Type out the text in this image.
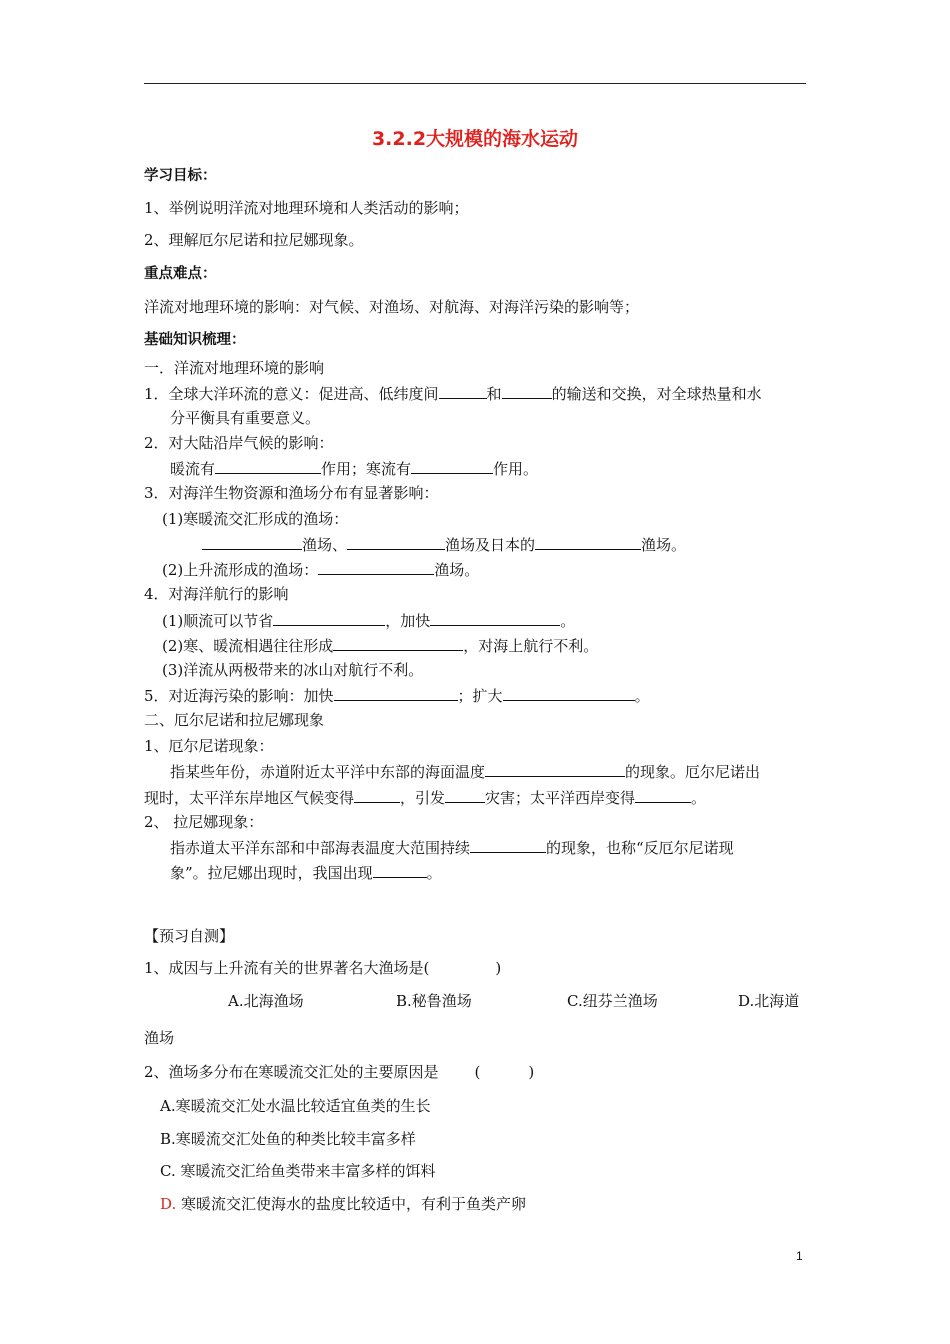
3.2.2大规模的海水运动
学习目标：
1、举例说明洋流对地理环境和人类活动的影响；
2、理解厄尔尼诺和拉尼娜现象。
重点难点：
洋流对地理环境的影响：对气候、对渔场、对航海、对海洋污染的影响等；
基础知识梳理：
一．洋流对地理环境的影响
1．全球大洋环流的意义：促进高、低纬度间	和	的输送和交换，对全球热量和水
分平衡具有重要意义。
2．对大陆沿岸气候的影响：
暖流有	作用；寒流有	作用。
3．对海洋生物资源和渔场分布有显著影响：
(1)寒暖流交汇形成的渔场：
渔场、	渔场及日本的	渔场。
(2)上升流形成的渔场：	渔场。
4．对海洋航行的影响
(1)顺流可以节省	，加快	。
(2)寒、暖流相遇往往形成	，对海上航行不利。
(3)洋流从两极带来的冰山对航行不利。
5．对近海污染的影响：加快	；扩大	。
二、厄尔尼诺和拉尼娜现象
1、厄尔尼诺现象：
指某些年份，赤道附近太平洋中东部的海面温度	的现象。厄尔尼诺出
现时，太平洋东岸地区气候变得	，引发	灾害；太平洋西岸变得	。
2、 拉尼娜现象：
指赤道太平洋东部和中部海表温度大范围持续	的现象，也称“反厄尔尼诺现
象”。拉尼娜出现时，我国出现	。
【预习自测】
1、成因与上升流有关的世界著名大渔场是(	)
A.北海渔场	B.秘鲁渔场	C.纽芬兰渔场	D.北海道
渔场
2、渔场多分布在寒暖流交汇处的主要原因是 (	)
A.寒暖流交汇处水温比较适宜鱼类的生长
B.寒暖流交汇处鱼的种类比较丰富多样
C. 寒暖流交汇给鱼类带来丰富多样的饵料
D. 寒暖流交汇使海水的盐度比较适中，有利于鱼类产卵
1
